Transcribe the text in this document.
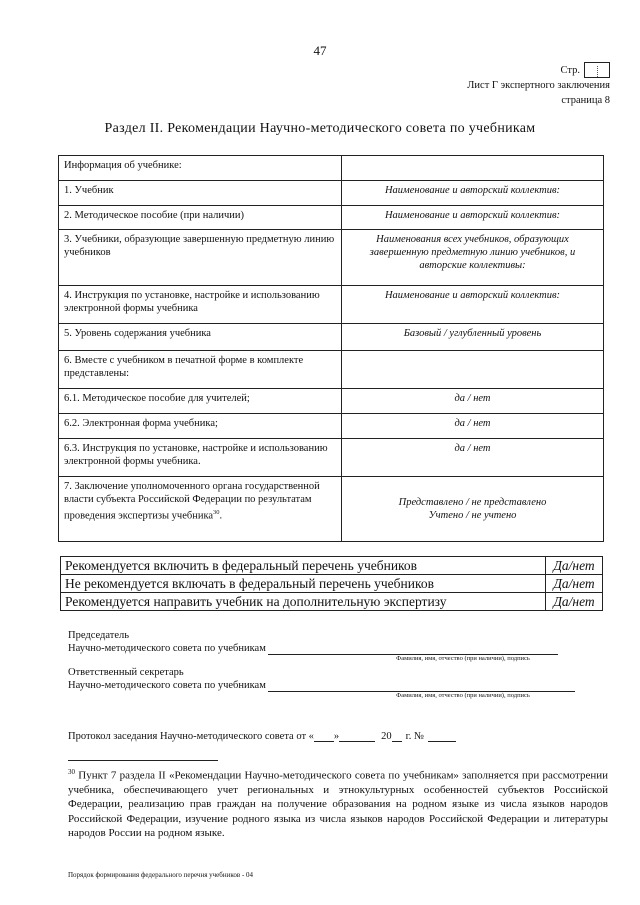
47
Стр.
Лист Г экспертного заключения
страница 8
Раздел II. Рекомендации Научно-методического совета по учебникам
Информация об учебнике:	
1. Учебник	Наименование и авторский коллектив:
2. Методическое пособие (при наличии)	Наименование и авторский коллектив:
3. Учебники, образующие завершенную предметную линию учебников	Наименования всех учебников, образующих завершенную предметную линию учебников, и авторские коллективы:
4. Инструкция по установке, настройке и использованию электронной формы учебника	Наименование и авторский коллектив:
5. Уровень содержания учебника	Базовый / углубленный уровень
6. Вместе с учебником в печатной форме в комплекте представлены:	
6.1. Методическое пособие для учителей;	да / нет
6.2. Электронная форма учебника;	да / нет
6.3. Инструкция по установке, настройке и использованию электронной формы учебника.	да / нет
7. Заключение уполномоченного органа государственной власти субъекта Российской Федерации по результатам проведения экспертизы учебника$^{30}$.	Представлено / не представлено
Учтено / не учтено
Рекомендуется включить в федеральный перечень учебников	Да/нет
Не рекомендуется включать в федеральный перечень учебников	Да/нет
Рекомендуется направить учебник на дополнительную экспертизу	Да/нет
Председатель
Научно-методического совета по учебникам
Фамилия, имя, отчество (при наличии), подпись
Ответственный секретарь
Научно-методического совета по учебникам
Фамилия, имя, отчество (при наличии), подпись
Протокол заседания Научно-методического совета от « »	20 г. №
$^{30}$ Пункт 7 раздела II «Рекомендации Научно-методического совета по учебникам» заполняется при рассмотрении учебника, обеспечивающего учет региональных и этнокультурных особенностей субъектов Российской Федерации, реализацию прав граждан на получение образования на родном языке из числа языков народов Российской Федерации, изучение родного языка из числа языков народов Российской Федерации и литературы народов России на родном языке.
Порядок формирования федерального перечня учебников - 04
